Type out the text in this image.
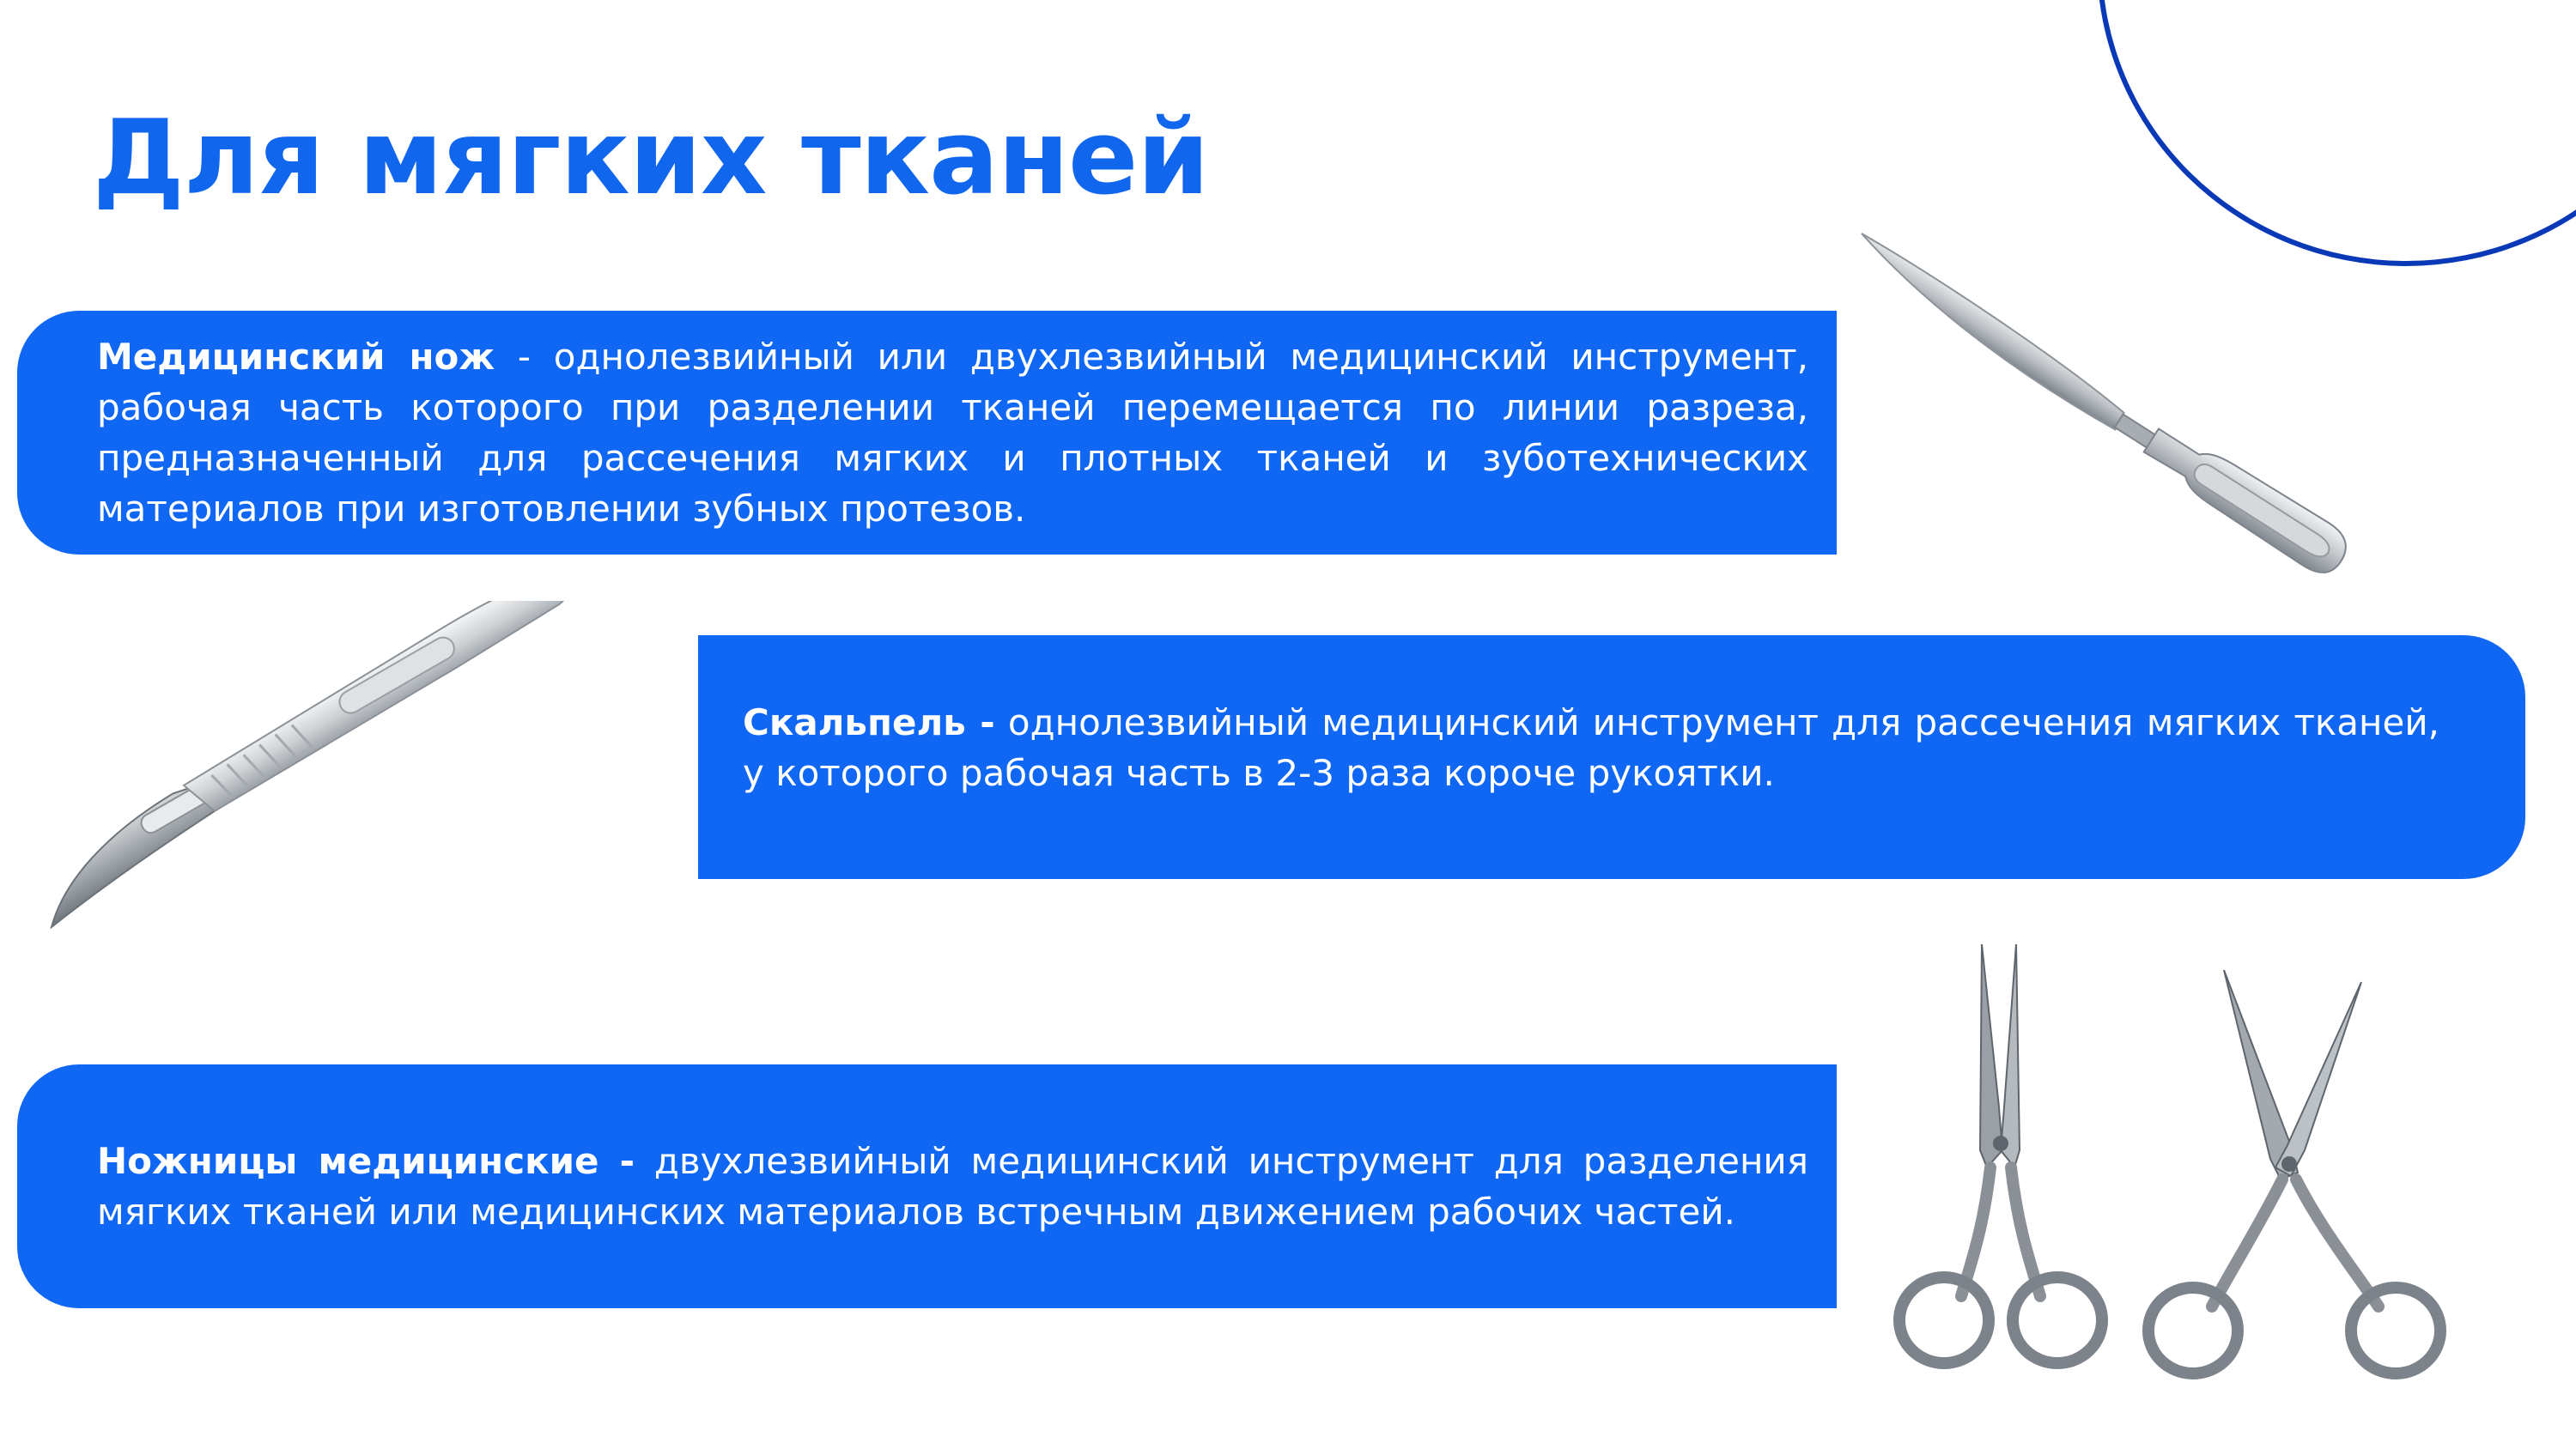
Для мягких тканей

Медицинский нож - однолезвийный или двухлезвийный медицинский инструмент, рабочая часть которого при разделении тканей перемещается по линии разреза, предназначенный для рассечения мягких и плотных тканей и зуботехнических материалов при изготовлении зубных протезов.

Скальпель - однолезвийный медицинский инструмент для рассечения мягких тканей, у которого рабочая часть в 2-3 раза короче рукоятки.

Ножницы медицинские - двухлезвийный медицинский инструмент для разделения мягких тканей или медицинских материалов встречным движением рабочих частей.
